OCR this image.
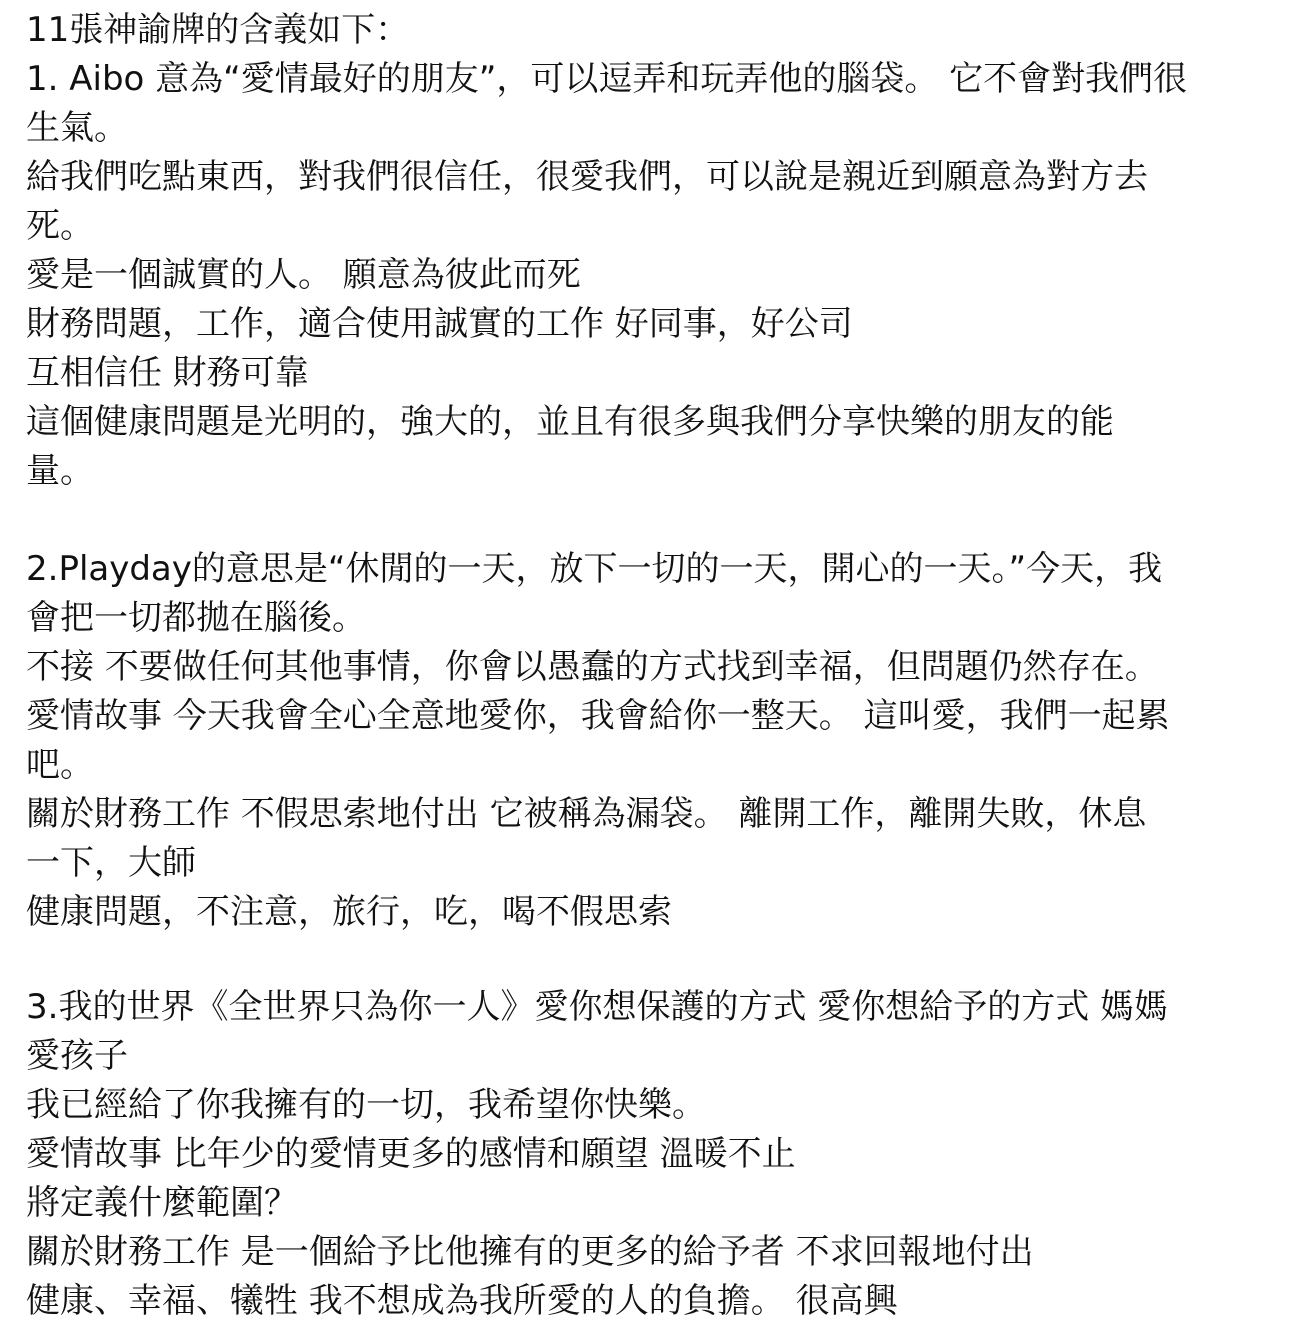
11張神諭牌的含義如下：
1. Aibo 意為“愛情最好的朋友”，可以逗弄和玩弄他的腦袋。 它不會對我們很
生氣。
給我們吃點東西，對我們很信任，很愛我們，可以說是親近到願意為對方去
死。
愛是一個誠實的人。 願意為彼此而死
財務問題，工作，適合使用誠實的工作 好同事，好公司
互相信任 財務可靠
這個健康問題是光明的，強大的，並且有很多與我們分享快樂的朋友的能
量。
2.Playday的意思是“休閒的一天，放下一切的一天，開心的一天。”今天，我
會把一切都拋在腦後。
不接 不要做任何其他事情，你會以愚蠢的方式找到幸福，但問題仍然存在。
愛情故事 今天我會全心全意地愛你，我會給你一整天。 這叫愛，我們一起累
吧。
關於財務工作 不假思索地付出 它被稱為漏袋。 離開工作，離開失敗，休息
一下，大師
健康問題，不注意，旅行，吃，喝不假思索
3.我的世界《全世界只為你一人》愛你想保護的方式 愛你想給予的方式 媽媽
愛孩子
我已經給了你我擁有的一切，我希望你快樂。
愛情故事 比年少的愛情更多的感情和願望 溫暖不止
將定義什麼範圍？
關於財務工作 是一個給予比他擁有的更多的給予者 不求回報地付出
健康、幸福、犧牲 我不想成為我所愛的人的負擔。 很高興
